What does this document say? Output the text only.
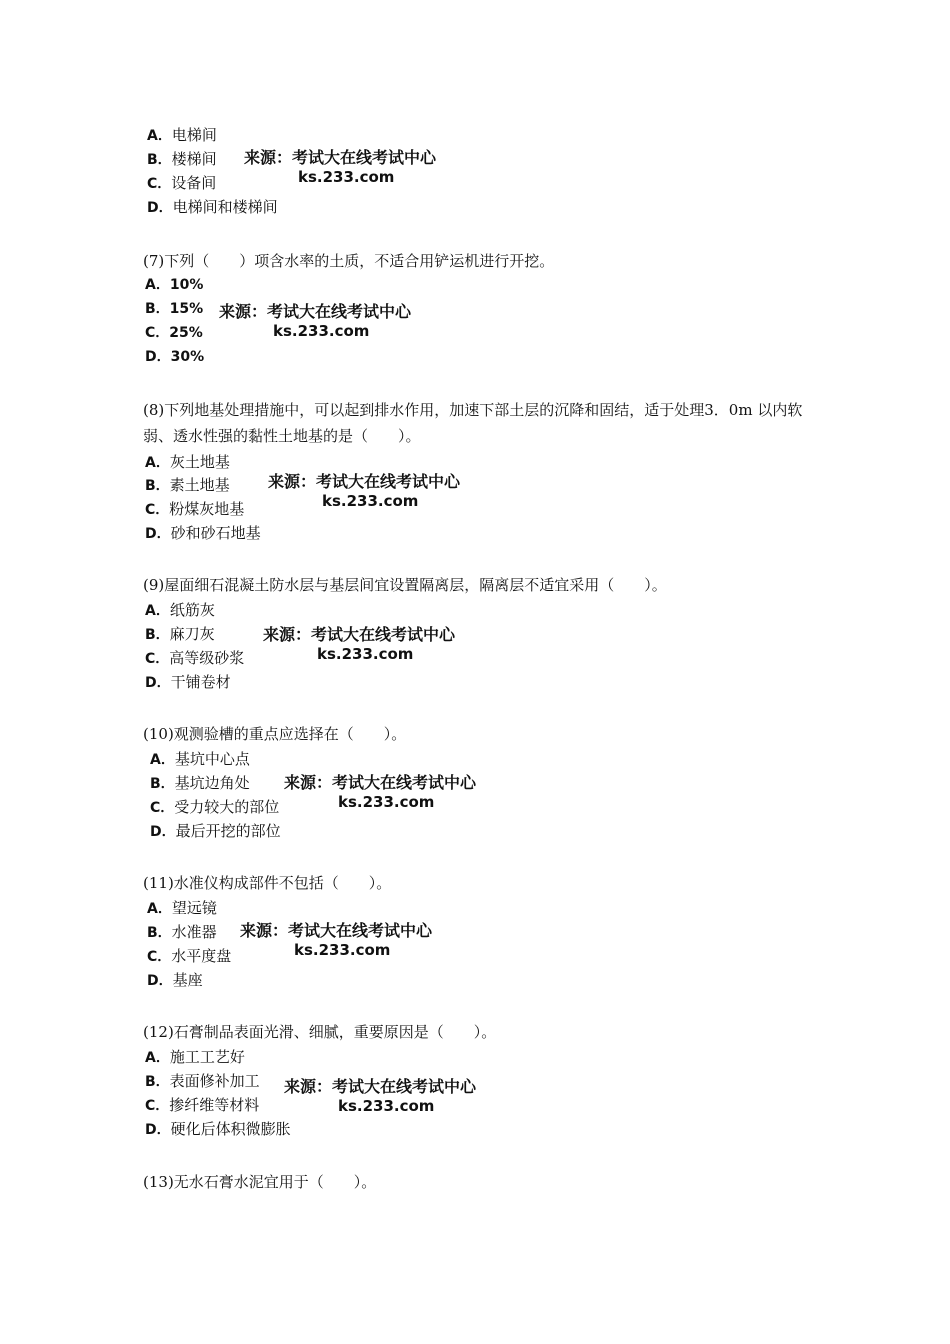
A．电梯间
B．楼梯间
C．设备间
D．电梯间和楼梯间
来源：考试大在线考试中心
ks.233.com
(7)下列（　　）项含水率的土质，不适合用铲运机进行开挖。
A．10%
B．15%
C．25%
D．30%
来源：考试大在线考试中心
ks.233.com
(8)下列地基处理措施中，可以起到排水作用，加速下部土层的沉降和固结，适于处理3．0m 以内软弱、透水性强的黏性土地基的是（　　）。
A．灰土地基
B．素土地基
C．粉煤灰地基
D．砂和砂石地基
来源：考试大在线考试中心
ks.233.com
(9)屋面细石混凝土防水层与基层间宜设置隔离层，隔离层不适宜采用（　　）。
A．纸筋灰
B．麻刀灰
C．高等级砂浆
D．干铺卷材
来源：考试大在线考试中心
ks.233.com
(10)观测验槽的重点应选择在（　　）。
A．基坑中心点
B．基坑边角处
C．受力较大的部位
D．最后开挖的部位
来源：考试大在线考试中心
ks.233.com
(11)水准仪构成部件不包括（　　）。
A．望远镜
B．水准器
C．水平度盘
D．基座
来源：考试大在线考试中心
ks.233.com
(12)石膏制品表面光滑、细腻，重要原因是（　　）。
A．施工工艺好
B．表面修补加工
C．掺纤维等材料
D．硬化后体积微膨胀
来源：考试大在线考试中心
ks.233.com
(13)无水石膏水泥宜用于（　　）。
